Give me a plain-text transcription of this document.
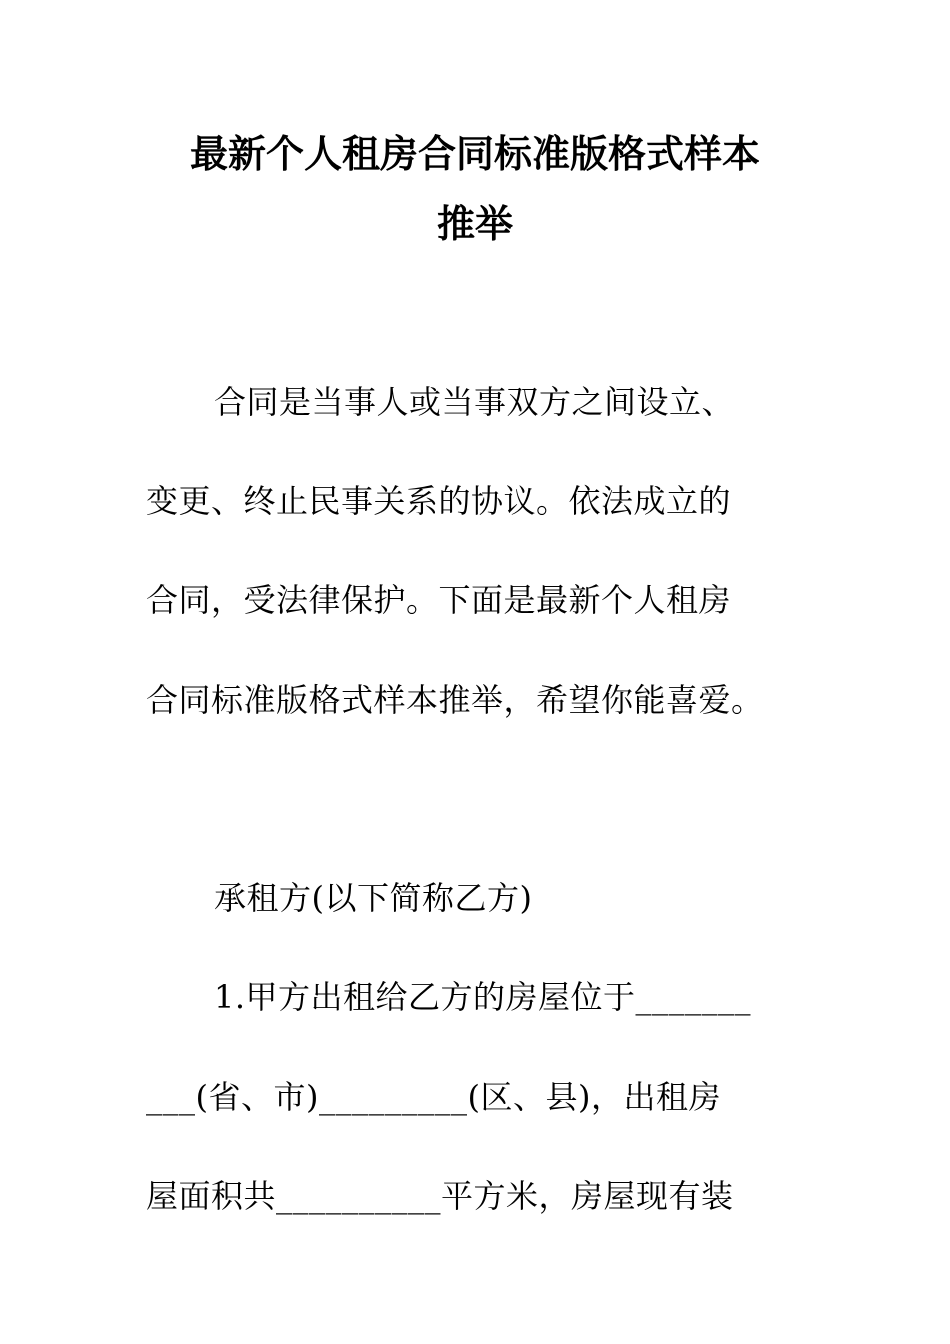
最新个人租房合同标准版格式样本
推举
合同是当事人或当事双方之间设立、
变更、终止民事关系的协议。依法成立的
合同，受法律保护。下面是最新个人租房
合同标准版格式样本推举，希望你能喜爱。
承租方(以下简称乙方)
1.甲方出租给乙方的房屋位于_______
___(省、市)_________(区、县)，出租房
屋面积共__________平方米，房屋现有装
